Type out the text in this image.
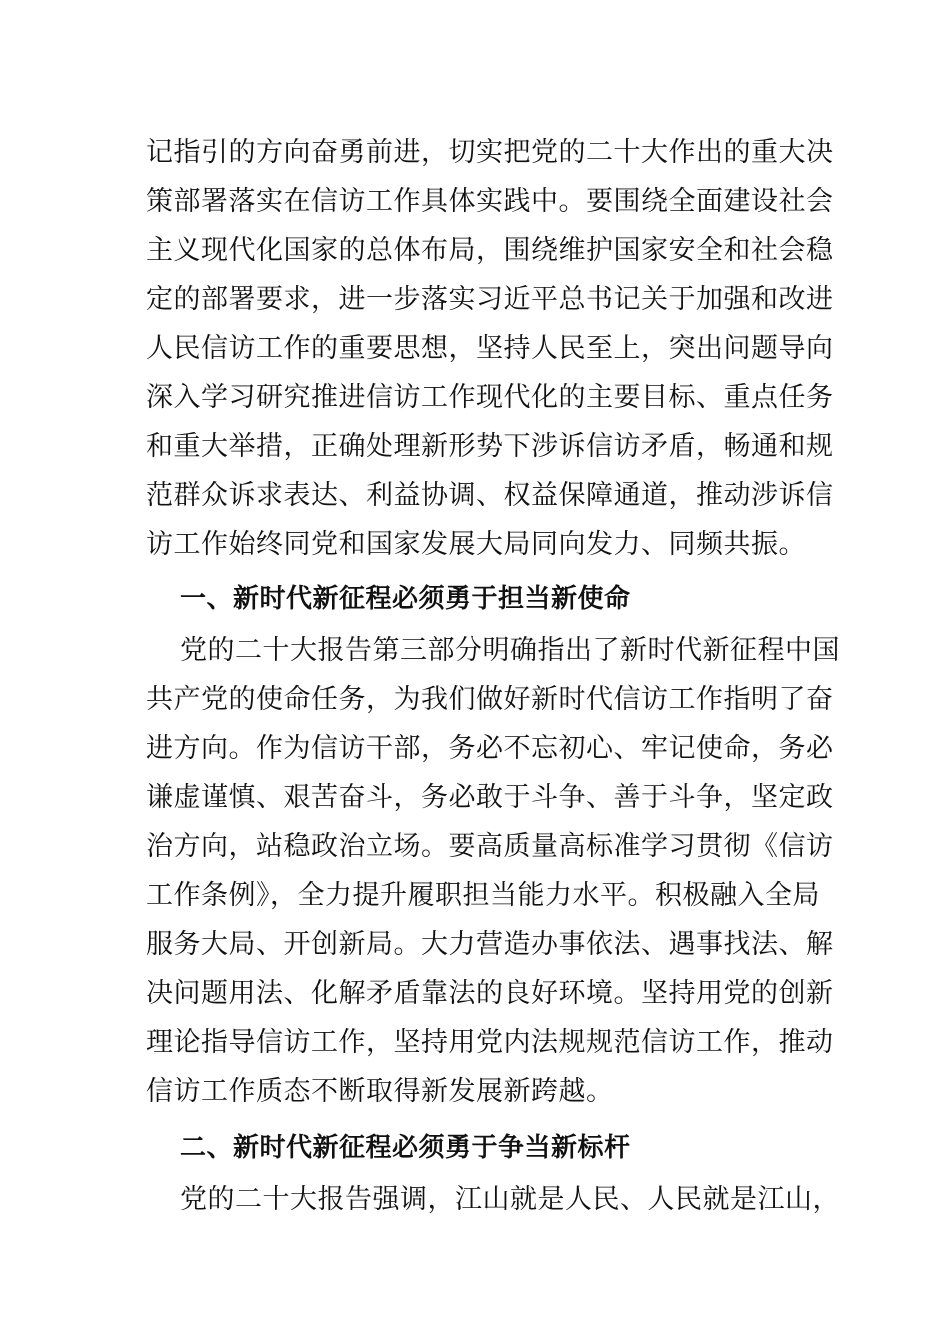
记指引的方向奋勇前进，切实把党的二十大作出的重大决
策部署落实在信访工作具体实践中。要围绕全面建设社会
主义现代化国家的总体布局，围绕维护国家安全和社会稳
定的部署要求，进一步落实习近平总书记关于加强和改进
人民信访工作的重要思想，坚持人民至上，突出问题导向
深入学习研究推进信访工作现代化的主要目标、重点任务
和重大举措，正确处理新形势下涉诉信访矛盾，畅通和规
范群众诉求表达、利益协调、权益保障通道，推动涉诉信
访工作始终同党和国家发展大局同向发力、同频共振。
一、新时代新征程必须勇于担当新使命
党的二十大报告第三部分明确指出了新时代新征程中国
共产党的使命任务，为我们做好新时代信访工作指明了奋
进方向。作为信访干部，务必不忘初心、牢记使命，务必
谦虚谨慎、艰苦奋斗，务必敢于斗争、善于斗争，坚定政
治方向，站稳政治立场。要高质量高标准学习贯彻《信访
工作条例》，全力提升履职担当能力水平。积极融入全局
服务大局、开创新局。大力营造办事依法、遇事找法、解
决问题用法、化解矛盾靠法的良好环境。坚持用党的创新
理论指导信访工作，坚持用党内法规规范信访工作，推动
信访工作质态不断取得新发展新跨越。
二、新时代新征程必须勇于争当新标杆
党的二十大报告强调，江山就是人民、人民就是江山，
